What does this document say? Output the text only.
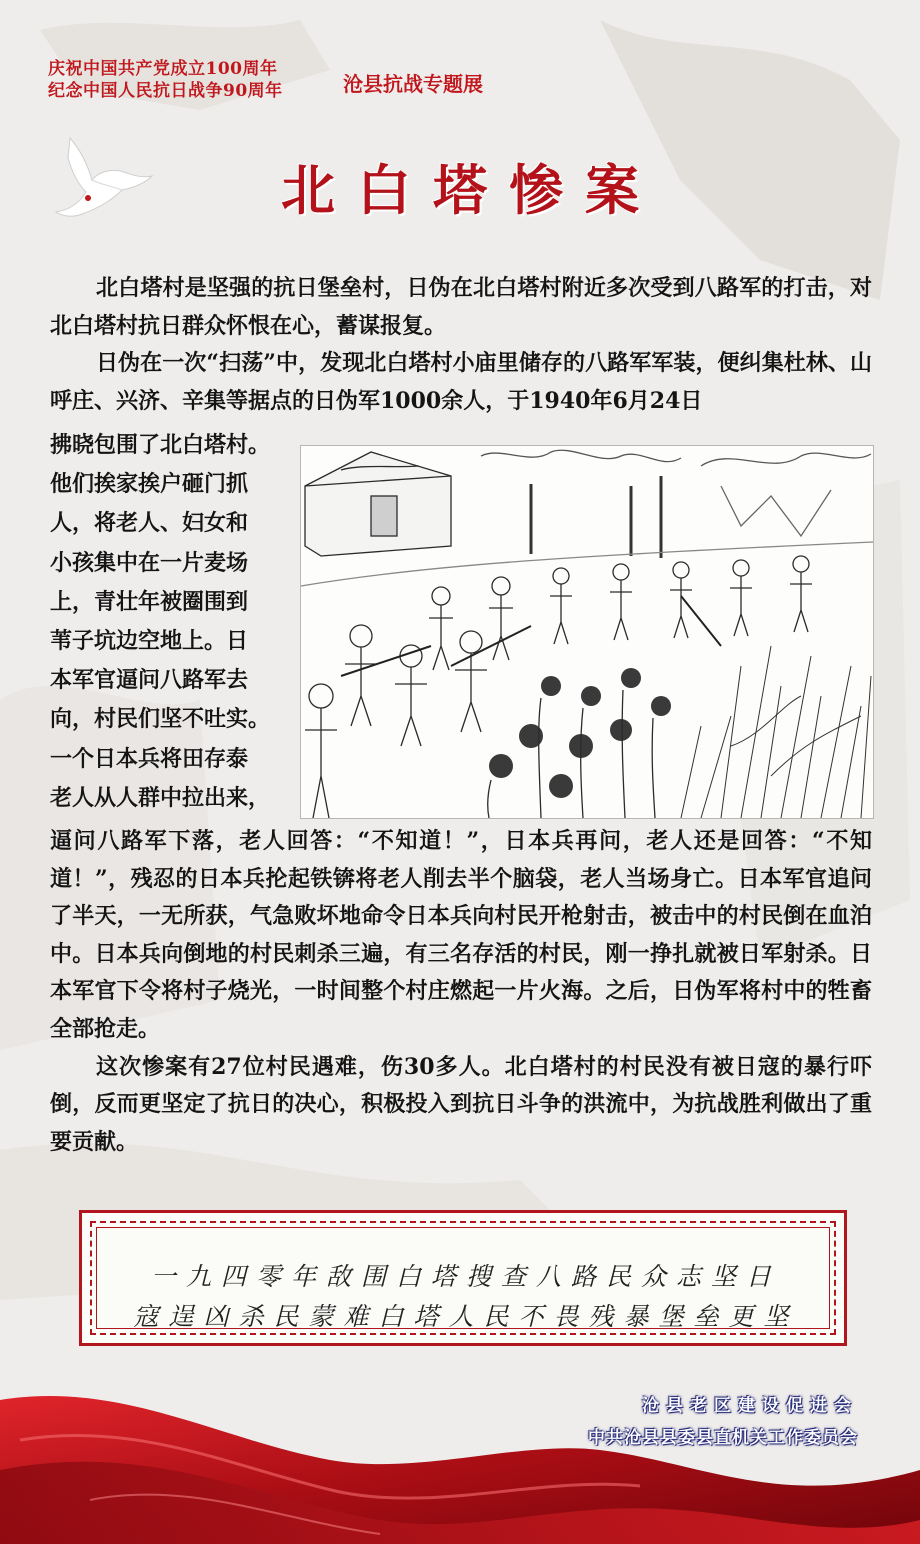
庆祝中国共产党成立100周年
纪念中国人民抗日战争90周年	沧县抗战专题展
北白塔惨案

北白塔村是坚强的抗日堡垒村，日伪在北白塔村附近多次受到八路军的打击，对北白塔村抗日群众怀恨在心，蓄谋报复。

日伪在一次“扫荡”中，发现北白塔村小庙里储存的八路军军装，便纠集杜林、山呼庄、兴济、辛集等据点的日伪军1000余人，于1940年6月24日

拂晓包围了北白塔村。
他们挨家挨户砸门抓
人，将老人、妇女和
小孩集中在一片麦场
上，青壮年被圈围到
苇子坑边空地上。日
本军官逼问八路军去
向，村民们坚不吐实。
一个日本兵将田存泰
老人从人群中拉出来，

逼问八路军下落，老人回答：“不知道！”，日本兵再问，老人还是回答：“不知道！”，残忍的日本兵抡起铁锛将老人削去半个脑袋，老人当场身亡。日本军官追问了半天，一无所获，气急败坏地命令日本兵向村民开枪射击，被击中的村民倒在血泊中。日本兵向倒地的村民刺杀三遍，有三名存活的村民，刚一挣扎就被日军射杀。日本军官下令将村子烧光，一时间整个村庄燃起一片火海。之后，日伪军将村中的牲畜全部抢走。

这次惨案有27位村民遇难，伤30多人。北白塔村的村民没有被日寇的暴行吓倒，反而更坚定了抗日的决心，积极投入到抗日斗争的洪流中，为抗战胜利做出了重要贡献。

一九四零年敌围白塔搜查八路民众志坚日
寇逞凶杀民蒙难白塔人民不畏残暴堡垒更坚
沧县老区建设促进会
中共沧县县委县直机关工作委员会
